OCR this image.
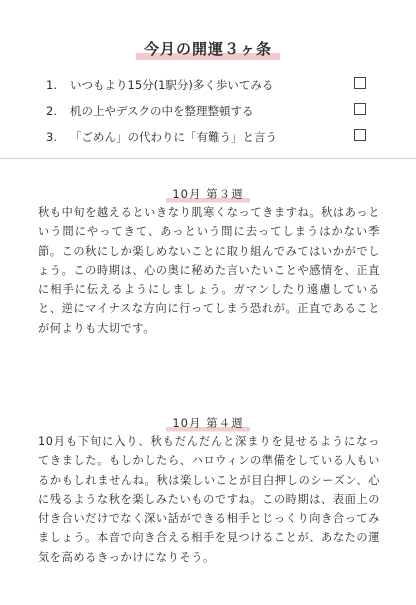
今月の開運３ヶ条
1.	いつもより15分(1駅分)多く歩いてみる
2.	机の上やデスクの中を整理整頓する
3.	「ごめん」の代わりに「有難う」と言う
10月 第３週

秋も中旬を越えるといきなり肌寒くなってきますね。秋はあっという間にやってきて、あっという間に去ってしまうはかない季節。この秋にしか楽しめないことに取り組んでみてはいかがでしょう。この時期は、心の奥に秘めた言いたいことや感情を、正直に相手に伝えるようにしましょう。ガマンしたり遠慮していると、逆にマイナスな方向に行ってしまう恐れが。正直であることが何よりも大切です。

10月 第４週

10月も下旬に入り、秋もだんだんと深まりを見せるようになってきました。もしかしたら、ハロウィンの準備をしている人もいるかもしれませんね。秋は楽しいことが目白押しのシーズン、心に残るような秋を楽しみたいものですね。この時期は、表面上の付き合いだけでなく深い話ができる相手とじっくり向き合ってみましょう。本音で向き合える相手を見つけることが、あなたの運気を高めるきっかけになりそう。
